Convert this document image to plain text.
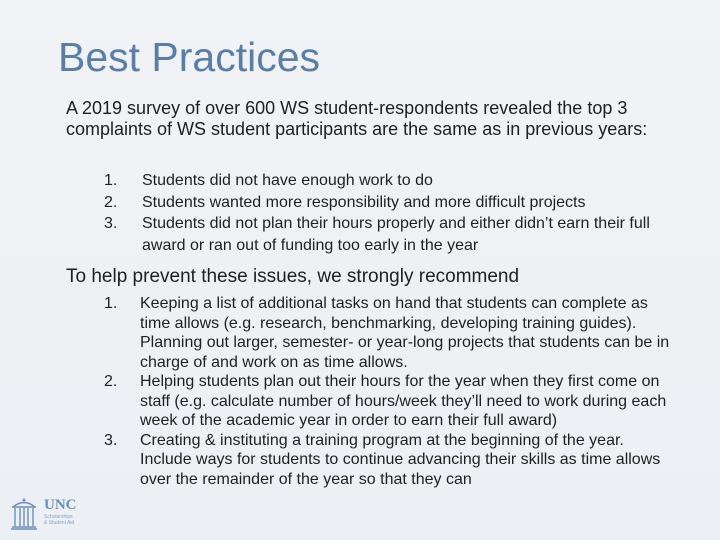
Best Practices

A 2019 survey of over 600 WS student-respondents revealed the top 3 complaints of WS student participants are the same as in previous years:

1. Students did not have enough work to do
2. Students wanted more responsibility and more difficult projects
3. Students did not plan their hours properly and either didn’t earn their full award or ran out of funding too early in the year

To help prevent these issues, we strongly recommend

1. Keeping a list of additional tasks on hand that students can complete as time allows (e.g. research, benchmarking, developing training guides). Planning out larger, semester- or year-long projects that students can be in charge of and work on as time allows.
2. Helping students plan out their hours for the year when they first come on staff (e.g. calculate number of hours/week they’ll need to work during each week of the academic year in order to earn their full award)
3. Creating & instituting a training program at the beginning of the year. Include ways for students to continue advancing their skills as time allows over the remainder of the year so that they can
UNC
Scholarships
& Student Aid
